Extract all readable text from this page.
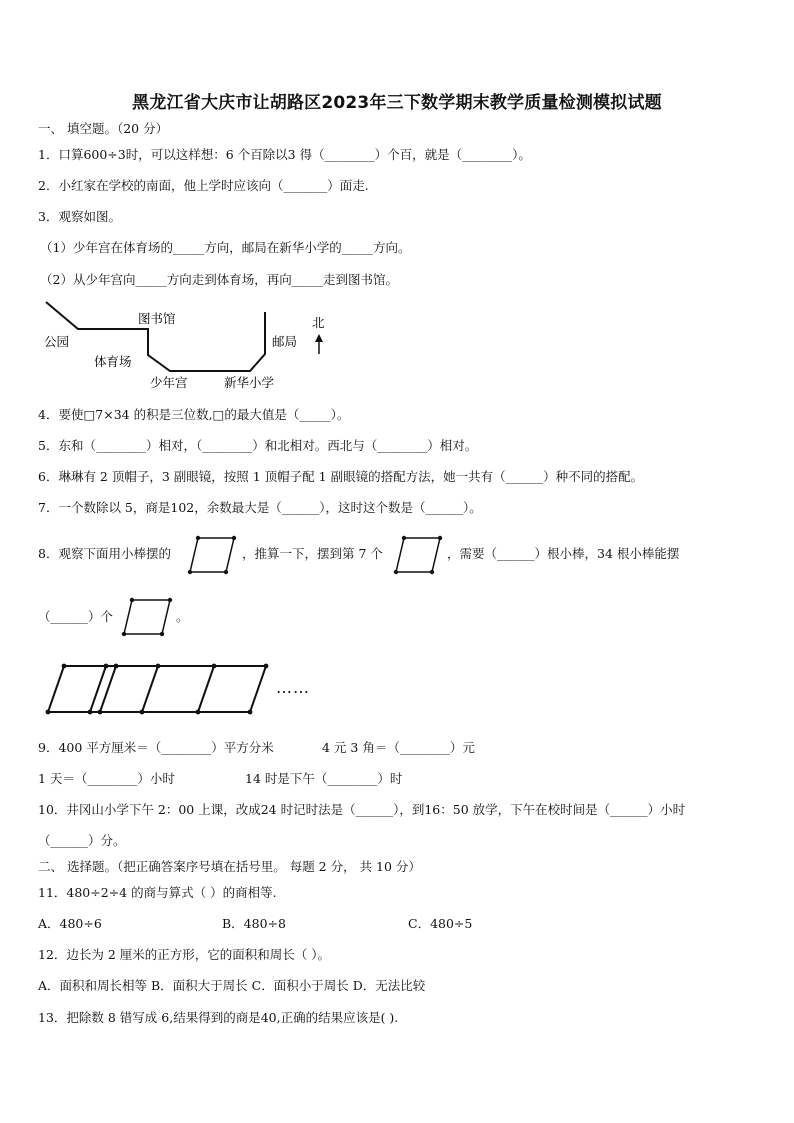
黑龙江省大庆市让胡路区2023年三下数学期末教学质量检测模拟试题
一、 填空题。（20 分）
1．口算600÷3时，可以这样想：6 个百除以3 得（________）个百，就是（________）。
2．小红家在学校的南面，他上学时应该向（_______）面走.
3．观察如图。
（1）少年宫在体育场的_____方向，邮局在新华小学的_____方向。
（2）从少年宫向_____方向走到体育场，再向_____走到图书馆。
图书馆
公园
体育场
少年宫	新华小学
邮局
北
4．要使□7×34 的积是三位数,□的最大值是（_____）。
5．东和（________）相对，（________）和北相对。西北与（________）相对。
6．琳琳有 2 顶帽子，3 副眼镜，按照 1 顶帽子配 1 副眼镜的搭配方法，她一共有（______）种不同的搭配。
7．一个数除以 5，商是102，余数最大是（______），这时这个数是（______）。
8．观察下面用小棒摆的	，推算一下，摆到第 7 个	，需要（______）根小棒，34 根小棒能摆
（______）个	。
……
9．400 平方厘米＝（________）平方分米	4 元 3 角＝（________）元
1 天＝（________）小时	14 时是下午（________）时
10．井冈山小学下午 2：00 上课，改成24 时记时法是（______），到16：50 放学，下午在校时间是（______）小时
（______）分。
二、 选择题。（把正确答案序号填在括号里。 每题 2 分， 共 10 分）
11．480÷2÷4 的商与算式（ ）的商相等.
A．480÷6	B．480÷8	C．480÷5
12．边长为 2 厘米的正方形，它的面积和周长（ ）。
A．面积和周长相等 B．面积大于周长 C．面积小于周长 D．无法比较
13．把除数 8 错写成 6,结果得到的商是40,正确的结果应该是( ).
